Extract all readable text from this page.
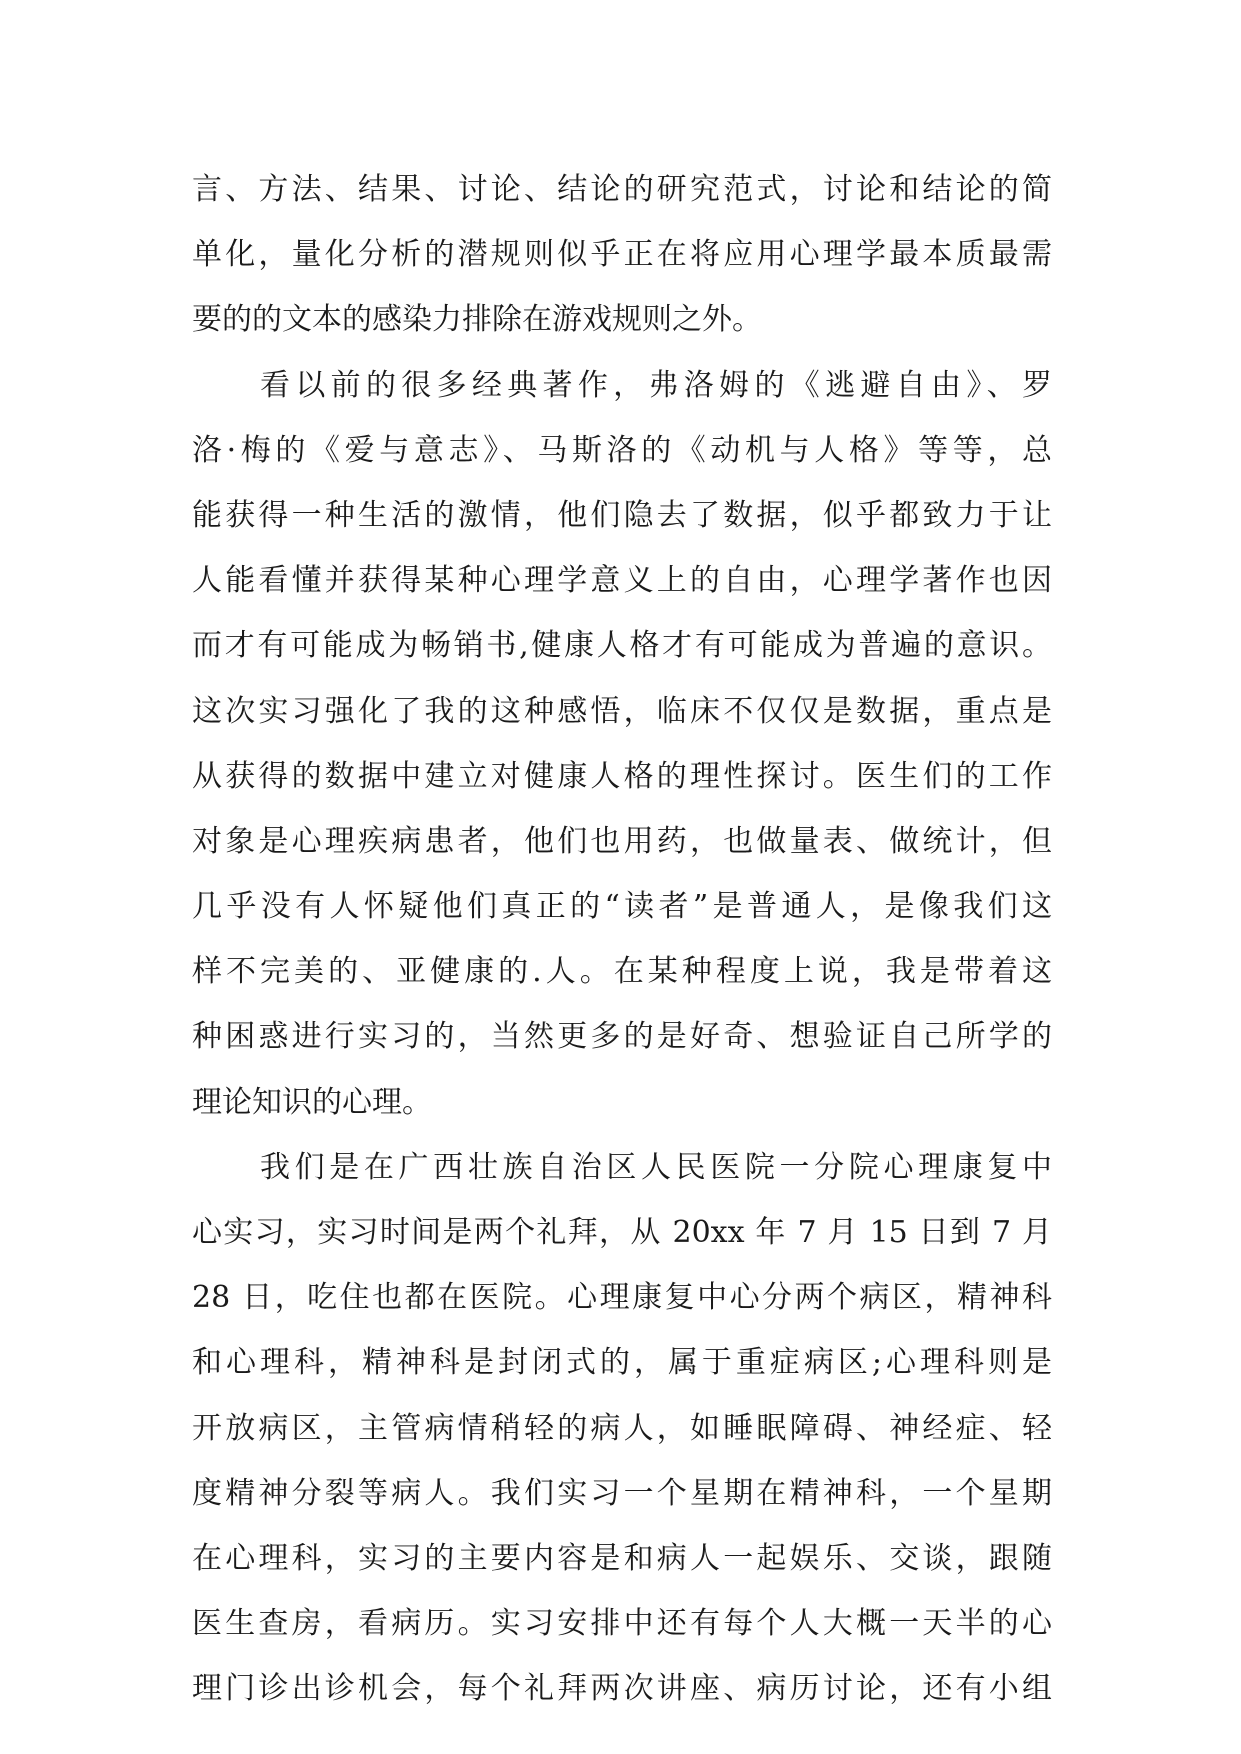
言、方法、结果、讨论、结论的研究范式，讨论和结论的简
单化，量化分析的潜规则似乎正在将应用心理学最本质最需
要的的文本的感染力排除在游戏规则之外。
看以前的很多经典著作，弗洛姆的《逃避自由》、罗
洛·梅的《爱与意志》、马斯洛的《动机与人格》等等，总
能获得一种生活的激情，他们隐去了数据，似乎都致力于让
人能看懂并获得某种心理学意义上的自由，心理学著作也因
而才有可能成为畅销书,健康人格才有可能成为普遍的意识。
这次实习强化了我的这种感悟，临床不仅仅是数据，重点是
从获得的数据中建立对健康人格的理性探讨。医生们的工作
对象是心理疾病患者，他们也用药，也做量表、做统计，但
几乎没有人怀疑他们真正的“读者”是普通人，是像我们这
样不完美的、亚健康的.人。在某种程度上说，我是带着这
种困惑进行实习的，当然更多的是好奇、想验证自己所学的
理论知识的心理。
我们是在广西壮族自治区人民医院一分院心理康复中
心实习，实习时间是两个礼拜，从 20xx 年 7 月 15 日到 7 月
28 日，吃住也都在医院。心理康复中心分两个病区，精神科
和心理科，精神科是封闭式的，属于重症病区;心理科则是
开放病区，主管病情稍轻的病人，如睡眠障碍、神经症、轻
度精神分裂等病人。我们实习一个星期在精神科，一个星期
在心理科，实习的主要内容是和病人一起娱乐、交谈，跟随
医生查房，看病历。实习安排中还有每个人大概一天半的心
理门诊出诊机会，每个礼拜两次讲座、病历讨论，还有小组
